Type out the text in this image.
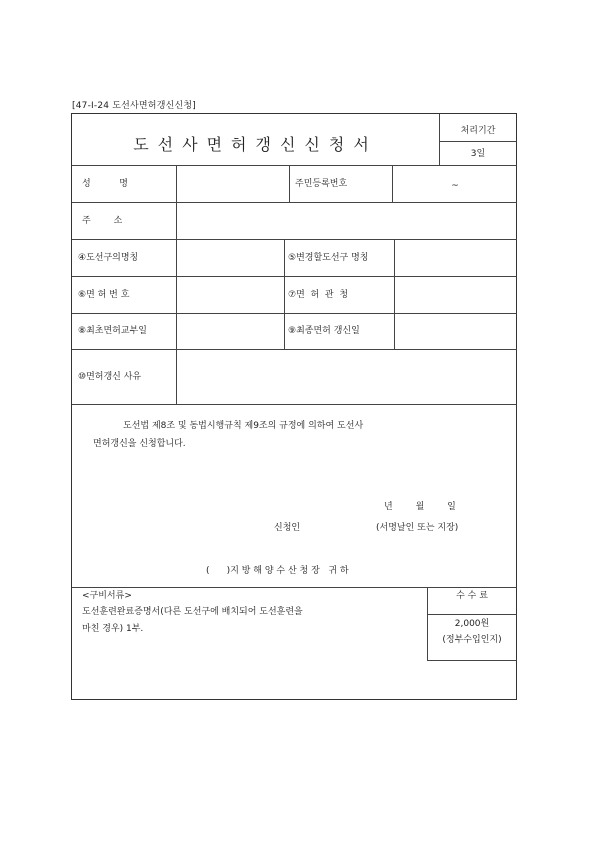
[47-Ⅰ-24 도선사면허갱신신청]
도선사면허갱신신청서
처리기간
3일
성          명	주민등록번호	~
주        소
④도선구의명칭	⑤변경할도선구 명칭
⑥면 허 번 호	⑦면  허  관  청
⑧최초면허교부일	⑨최종면허 갱신일
⑩면허갱신 사유
도선법 제8조 및 동법시행규칙 제9조의 규정에 의하여 도선사
면허갱신을 신청합니다.
년        월        일
신청인	(서명날인 또는 지장)
(      )지 방 해 양 수 산 청 장   귀 하
<구비서류>
도선훈련완료증명서(다른 도선구에 배치되어 도선훈련을
마친 경우) 1부.
수 수 료
2,000원
(정부수입인지)
